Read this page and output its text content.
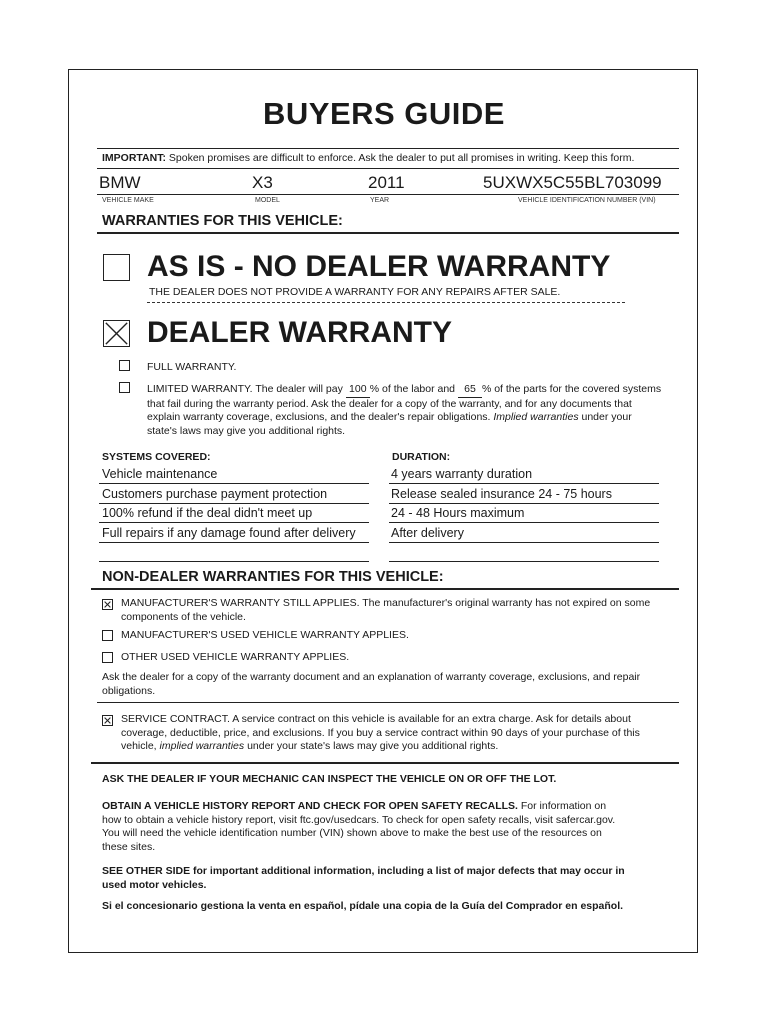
BUYERS GUIDE
IMPORTANT: Spoken promises are difficult to enforce. Ask the dealer to put all promises in writing. Keep this form.
BMW	X3	2011	5UXWX5C55BL703099
VEHICLE MAKE	MODEL	YEAR	VEHICLE IDENTIFICATION NUMBER (VIN)
WARRANTIES FOR THIS VEHICLE:
AS IS - NO DEALER WARRANTY
THE DEALER DOES NOT PROVIDE A WARRANTY FOR ANY REPAIRS AFTER SALE.
DEALER WARRANTY
FULL WARRANTY.
LIMITED WARRANTY. The dealer will pay 100 % of the labor and 65 % of the parts for the covered systems
that fail during the warranty period. Ask the dealer for a copy of the warranty, and for any documents that
explain warranty coverage, exclusions, and the dealer's repair obligations. Implied warranties under your
state's laws may give you additional rights.
SYSTEMS COVERED:	DURATION:
Vehicle maintenance	4 years warranty duration
Customers purchase payment protection	Release sealed insurance 24 - 75 hours
100% refund if the deal didn't meet up	24 - 48 Hours maximum
Full repairs if any damage found after delivery	After delivery
NON-DEALER WARRANTIES FOR THIS VEHICLE:
MANUFACTURER'S WARRANTY STILL APPLIES. The manufacturer's original warranty has not expired on some
components of the vehicle.
MANUFACTURER'S USED VEHICLE WARRANTY APPLIES.
OTHER USED VEHICLE WARRANTY APPLIES.
Ask the dealer for a copy of the warranty document and an explanation of warranty coverage, exclusions, and repair
obligations.
SERVICE CONTRACT. A service contract on this vehicle is available for an extra charge. Ask for details about
coverage, deductible, price, and exclusions. If you buy a service contract within 90 days of your purchase of this
vehicle, implied warranties under your state's laws may give you additional rights.
ASK THE DEALER IF YOUR MECHANIC CAN INSPECT THE VEHICLE ON OR OFF THE LOT.
OBTAIN A VEHICLE HISTORY REPORT AND CHECK FOR OPEN SAFETY RECALLS. For information on
how to obtain a vehicle history report, visit ftc.gov/usedcars. To check for open safety recalls, visit safercar.gov.
You will need the vehicle identification number (VIN) shown above to make the best use of the resources on
these sites.
SEE OTHER SIDE for important additional information, including a list of major defects that may occur in
used motor vehicles.
Si el concesionario gestiona la venta en español, pídale una copia de la Guía del Comprador en español.
